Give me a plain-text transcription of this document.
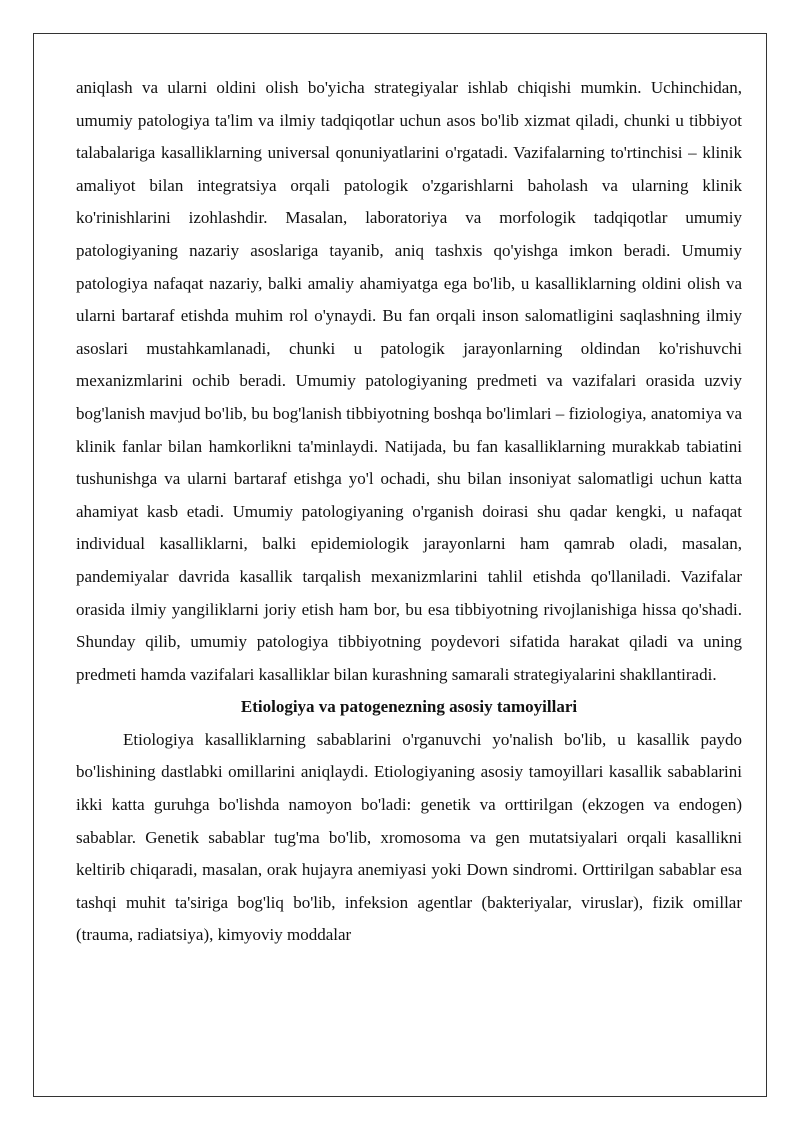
aniqlash va ularni oldini olish bo'yicha strategiyalar ishlab chiqishi mumkin. Uchinchidan, umumiy patologiya ta'lim va ilmiy tadqiqotlar uchun asos bo'lib xizmat qiladi, chunki u tibbiyot talabalariga kasalliklarning universal qonuniyatlarini o'rgatadi. Vazifalarning to'rtinchisi – klinik amaliyot bilan integratsiya orqali patologik o'zgarishlarni baholash va ularning klinik ko'rinishlarini izohlashdir. Masalan, laboratoriya va morfologik tadqiqotlar umumiy patologiyaning nazariy asoslariga tayanib, aniq tashxis qo'yishga imkon beradi. Umumiy patologiya nafaqat nazariy, balki amaliy ahamiyatga ega bo'lib, u kasalliklarning oldini olish va ularni bartaraf etishda muhim rol o'ynaydi. Bu fan orqali inson salomatligini saqlashning ilmiy asoslari mustahkamlanadi, chunki u patologik jarayonlarning oldindan ko'rishuvchi mexanizmlarini ochib beradi. Umumiy patologiyaning predmeti va vazifalari orasida uzviy bog'lanish mavjud bo'lib, bu bog'lanish tibbiyotning boshqa bo'limlari – fiziologiya, anatomiya va klinik fanlar bilan hamkorlikni ta'minlaydi. Natijada, bu fan kasalliklarning murakkab tabiatini tushunishga va ularni bartaraf etishga yo'l ochadi, shu bilan insoniyat salomatligi uchun katta ahamiyat kasb etadi. Umumiy patologiyaning o'rganish doirasi shu qadar kengki, u nafaqat individual kasalliklarni, balki epidemiologik jarayonlarni ham qamrab oladi, masalan, pandemiyalar davrida kasallik tarqalish mexanizmlarini tahlil etishda qo'llaniladi. Vazifalar orasida ilmiy yangiliklarni joriy etish ham bor, bu esa tibbiyotning rivojlanishiga hissa qo'shadi. Shunday qilib, umumiy patologiya tibbiyotning poydevori sifatida harakat qiladi va uning predmeti hamda vazifalari kasalliklar bilan kurashning samarali strategiyalarini shakllantiradi.

Etiologiya va patogenezning asosiy tamoyillari

Etiologiya kasalliklarning sabablarini o'rganuvchi yo'nalish bo'lib, u kasallik paydo bo'lishining dastlabki omillarini aniqlaydi. Etiologiyaning asosiy tamoyillari kasallik sabablarini ikki katta guruhga bo'lishda namoyon bo'ladi: genetik va orttirilgan (ekzogen va endogen) sabablar. Genetik sabablar tug'ma bo'lib, xromosoma va gen mutatsiyalari orqali kasallikni keltirib chiqaradi, masalan, orak hujayra anemiyasi yoki Down sindromi. Orttirilgan sabablar esa tashqi muhit ta'siriga bog'liq bo'lib, infeksion agentlar (bakteriyalar, viruslar), fizik omillar (trauma, radiatsiya), kimyoviy moddalar
